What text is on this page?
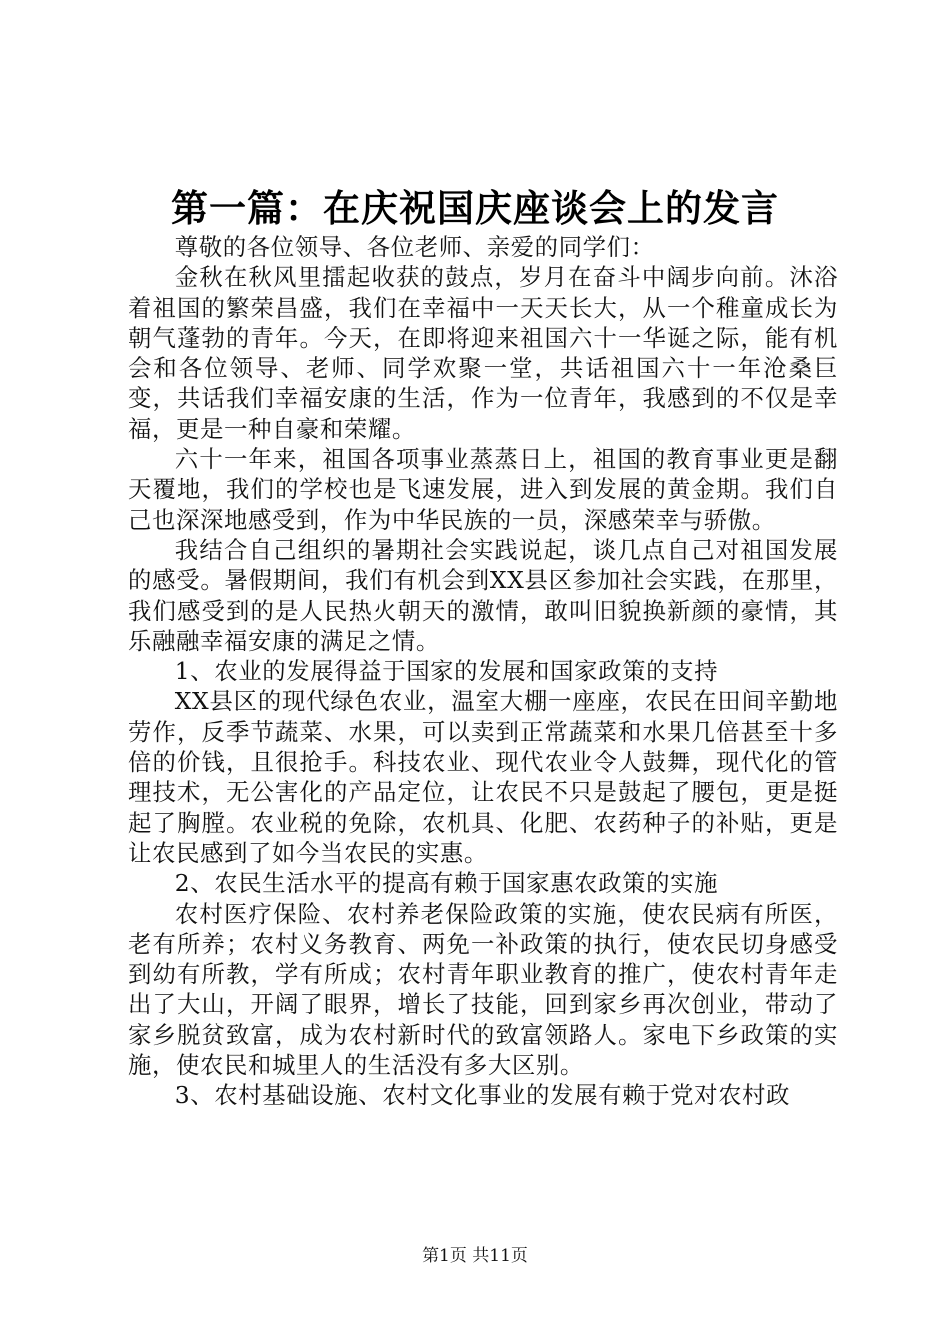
第一篇：在庆祝国庆座谈会上的发言

尊敬的各位领导、各位老师、亲爱的同学们：

金秋在秋风里擂起收获的鼓点，岁月在奋斗中阔步向前。沐浴着祖国的繁荣昌盛，我们在幸福中一天天长大，从一个稚童成长为朝气蓬勃的青年。今天，在即将迎来祖国六十一华诞之际，能有机会和各位领导、老师、同学欢聚一堂，共话祖国六十一年沧桑巨变，共话我们幸福安康的生活，作为一位青年，我感到的不仅是幸福，更是一种自豪和荣耀。

六十一年来，祖国各项事业蒸蒸日上，祖国的教育事业更是翻天覆地，我们的学校也是飞速发展，进入到发展的黄金期。我们自己也深深地感受到，作为中华民族的一员，深感荣幸与骄傲。

我结合自己组织的暑期社会实践说起，谈几点自己对祖国发展的感受。暑假期间，我们有机会到XX县区参加社会实践，在那里，我们感受到的是人民热火朝天的激情，敢叫旧貌换新颜的豪情，其乐融融幸福安康的满足之情。

1、农业的发展得益于国家的发展和国家政策的支持

XX县区的现代绿色农业，温室大棚一座座，农民在田间辛勤地劳作，反季节蔬菜、水果，可以卖到正常蔬菜和水果几倍甚至十多倍的价钱，且很抢手。科技农业、现代农业令人鼓舞，现代化的管理技术，无公害化的产品定位，让农民不只是鼓起了腰包，更是挺起了胸膛。农业税的免除，农机具、化肥、农药种子的补贴，更是让农民感到了如今当农民的实惠。

2、农民生活水平的提高有赖于国家惠农政策的实施

农村医疗保险、农村养老保险政策的实施，使农民病有所医，老有所养；农村义务教育、两免一补政策的执行，使农民切身感受到幼有所教，学有所成；农村青年职业教育的推广，使农村青年走出了大山，开阔了眼界，增长了技能，回到家乡再次创业，带动了家乡脱贫致富，成为农村新时代的致富领路人。家电下乡政策的实施，使农民和城里人的生活没有多大区别。

3、农村基础设施、农村文化事业的发展有赖于党对农村政

第1页 共11页
